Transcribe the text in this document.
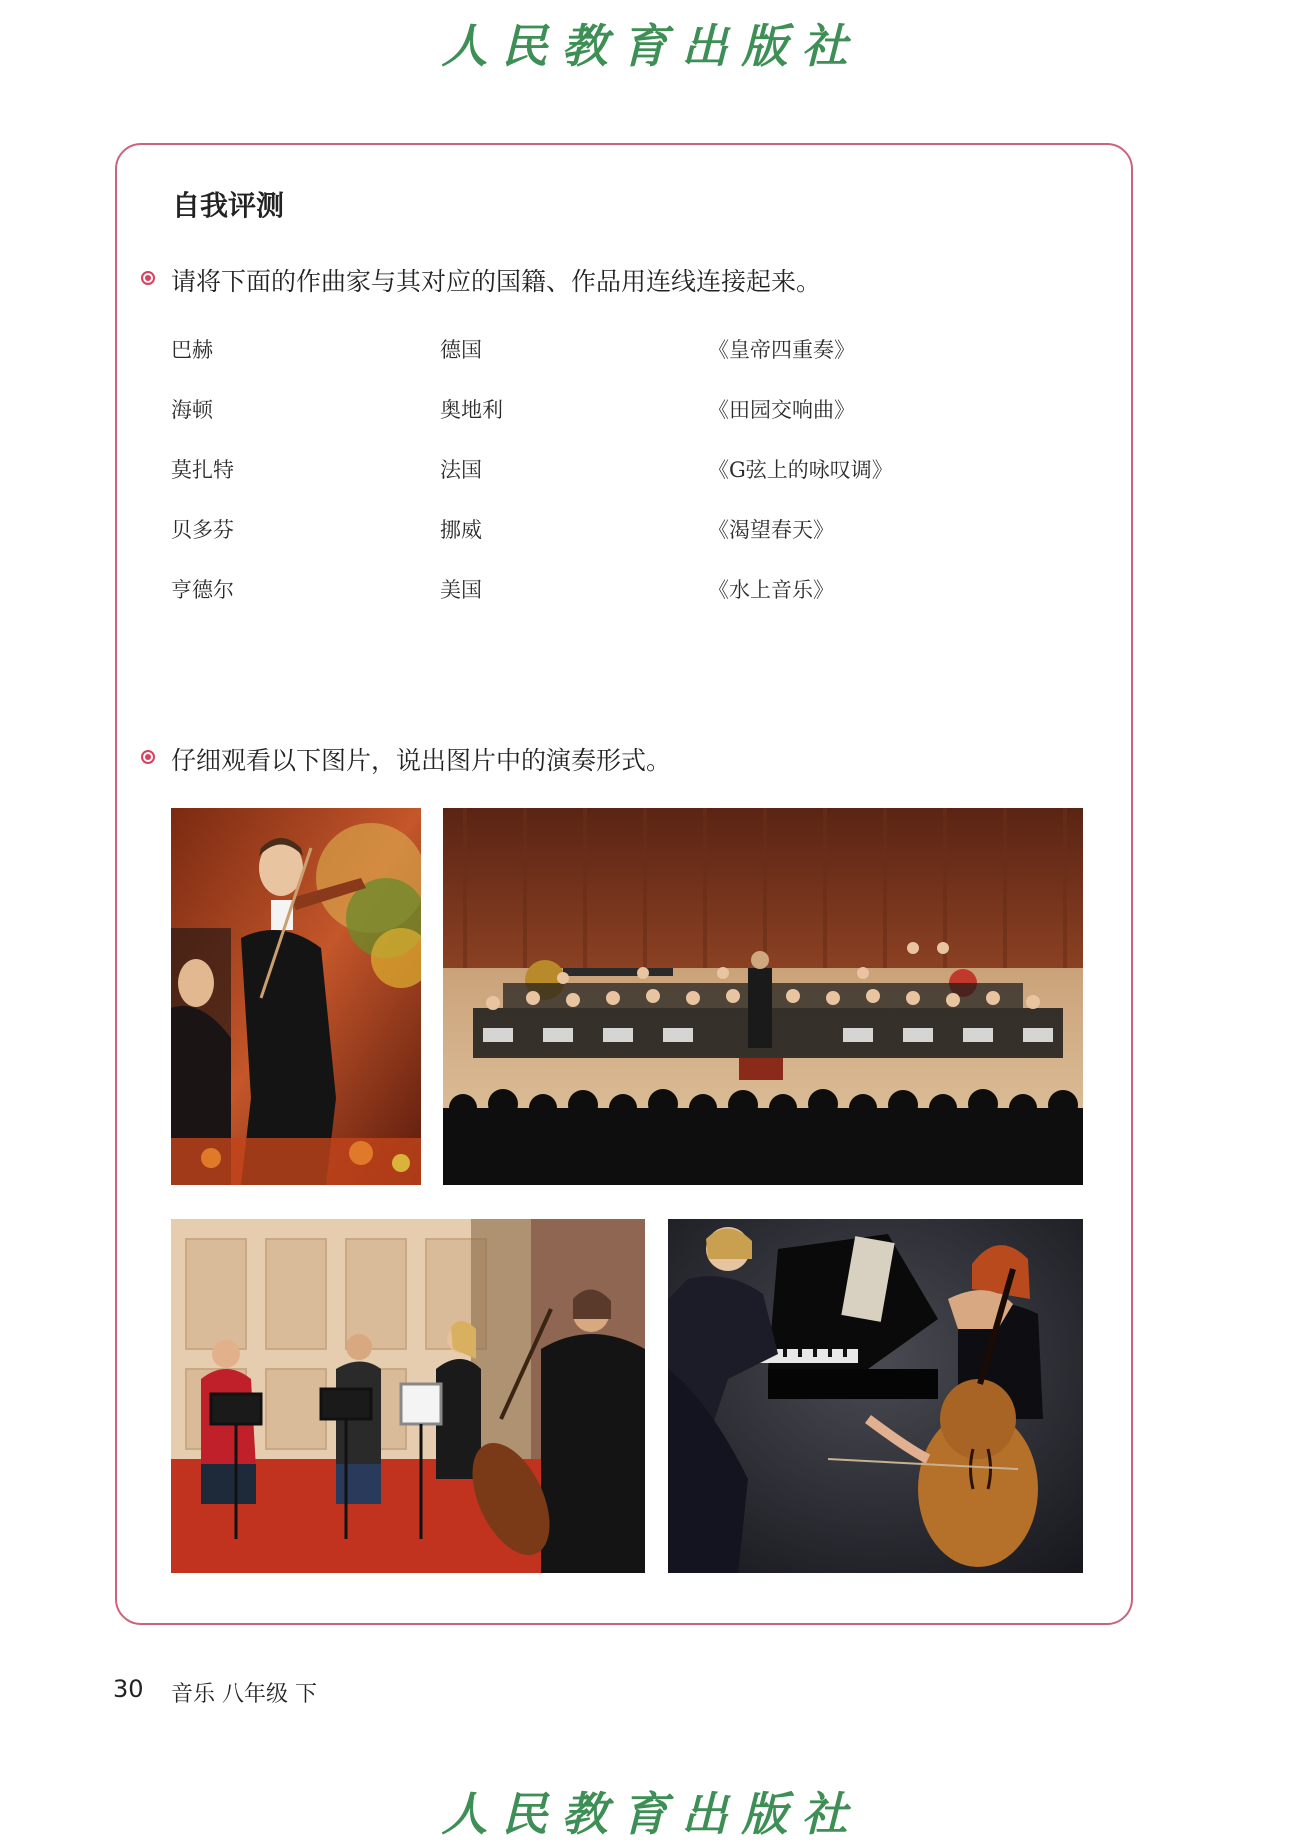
人民教育出版社
自我评测
请将下面的作曲家与其对应的国籍、作品用连线连接起来。
巴赫
海顿
莫扎特
贝多芬
亨德尔
德国
奥地利
法国
挪威
美国
《皇帝四重奏》
《田园交响曲》
《G弦上的咏叹调》
《渴望春天》
《水上音乐》
仔细观看以下图片，说出图片中的演奏形式。
30 音乐 八年级 下
人民教育出版社
